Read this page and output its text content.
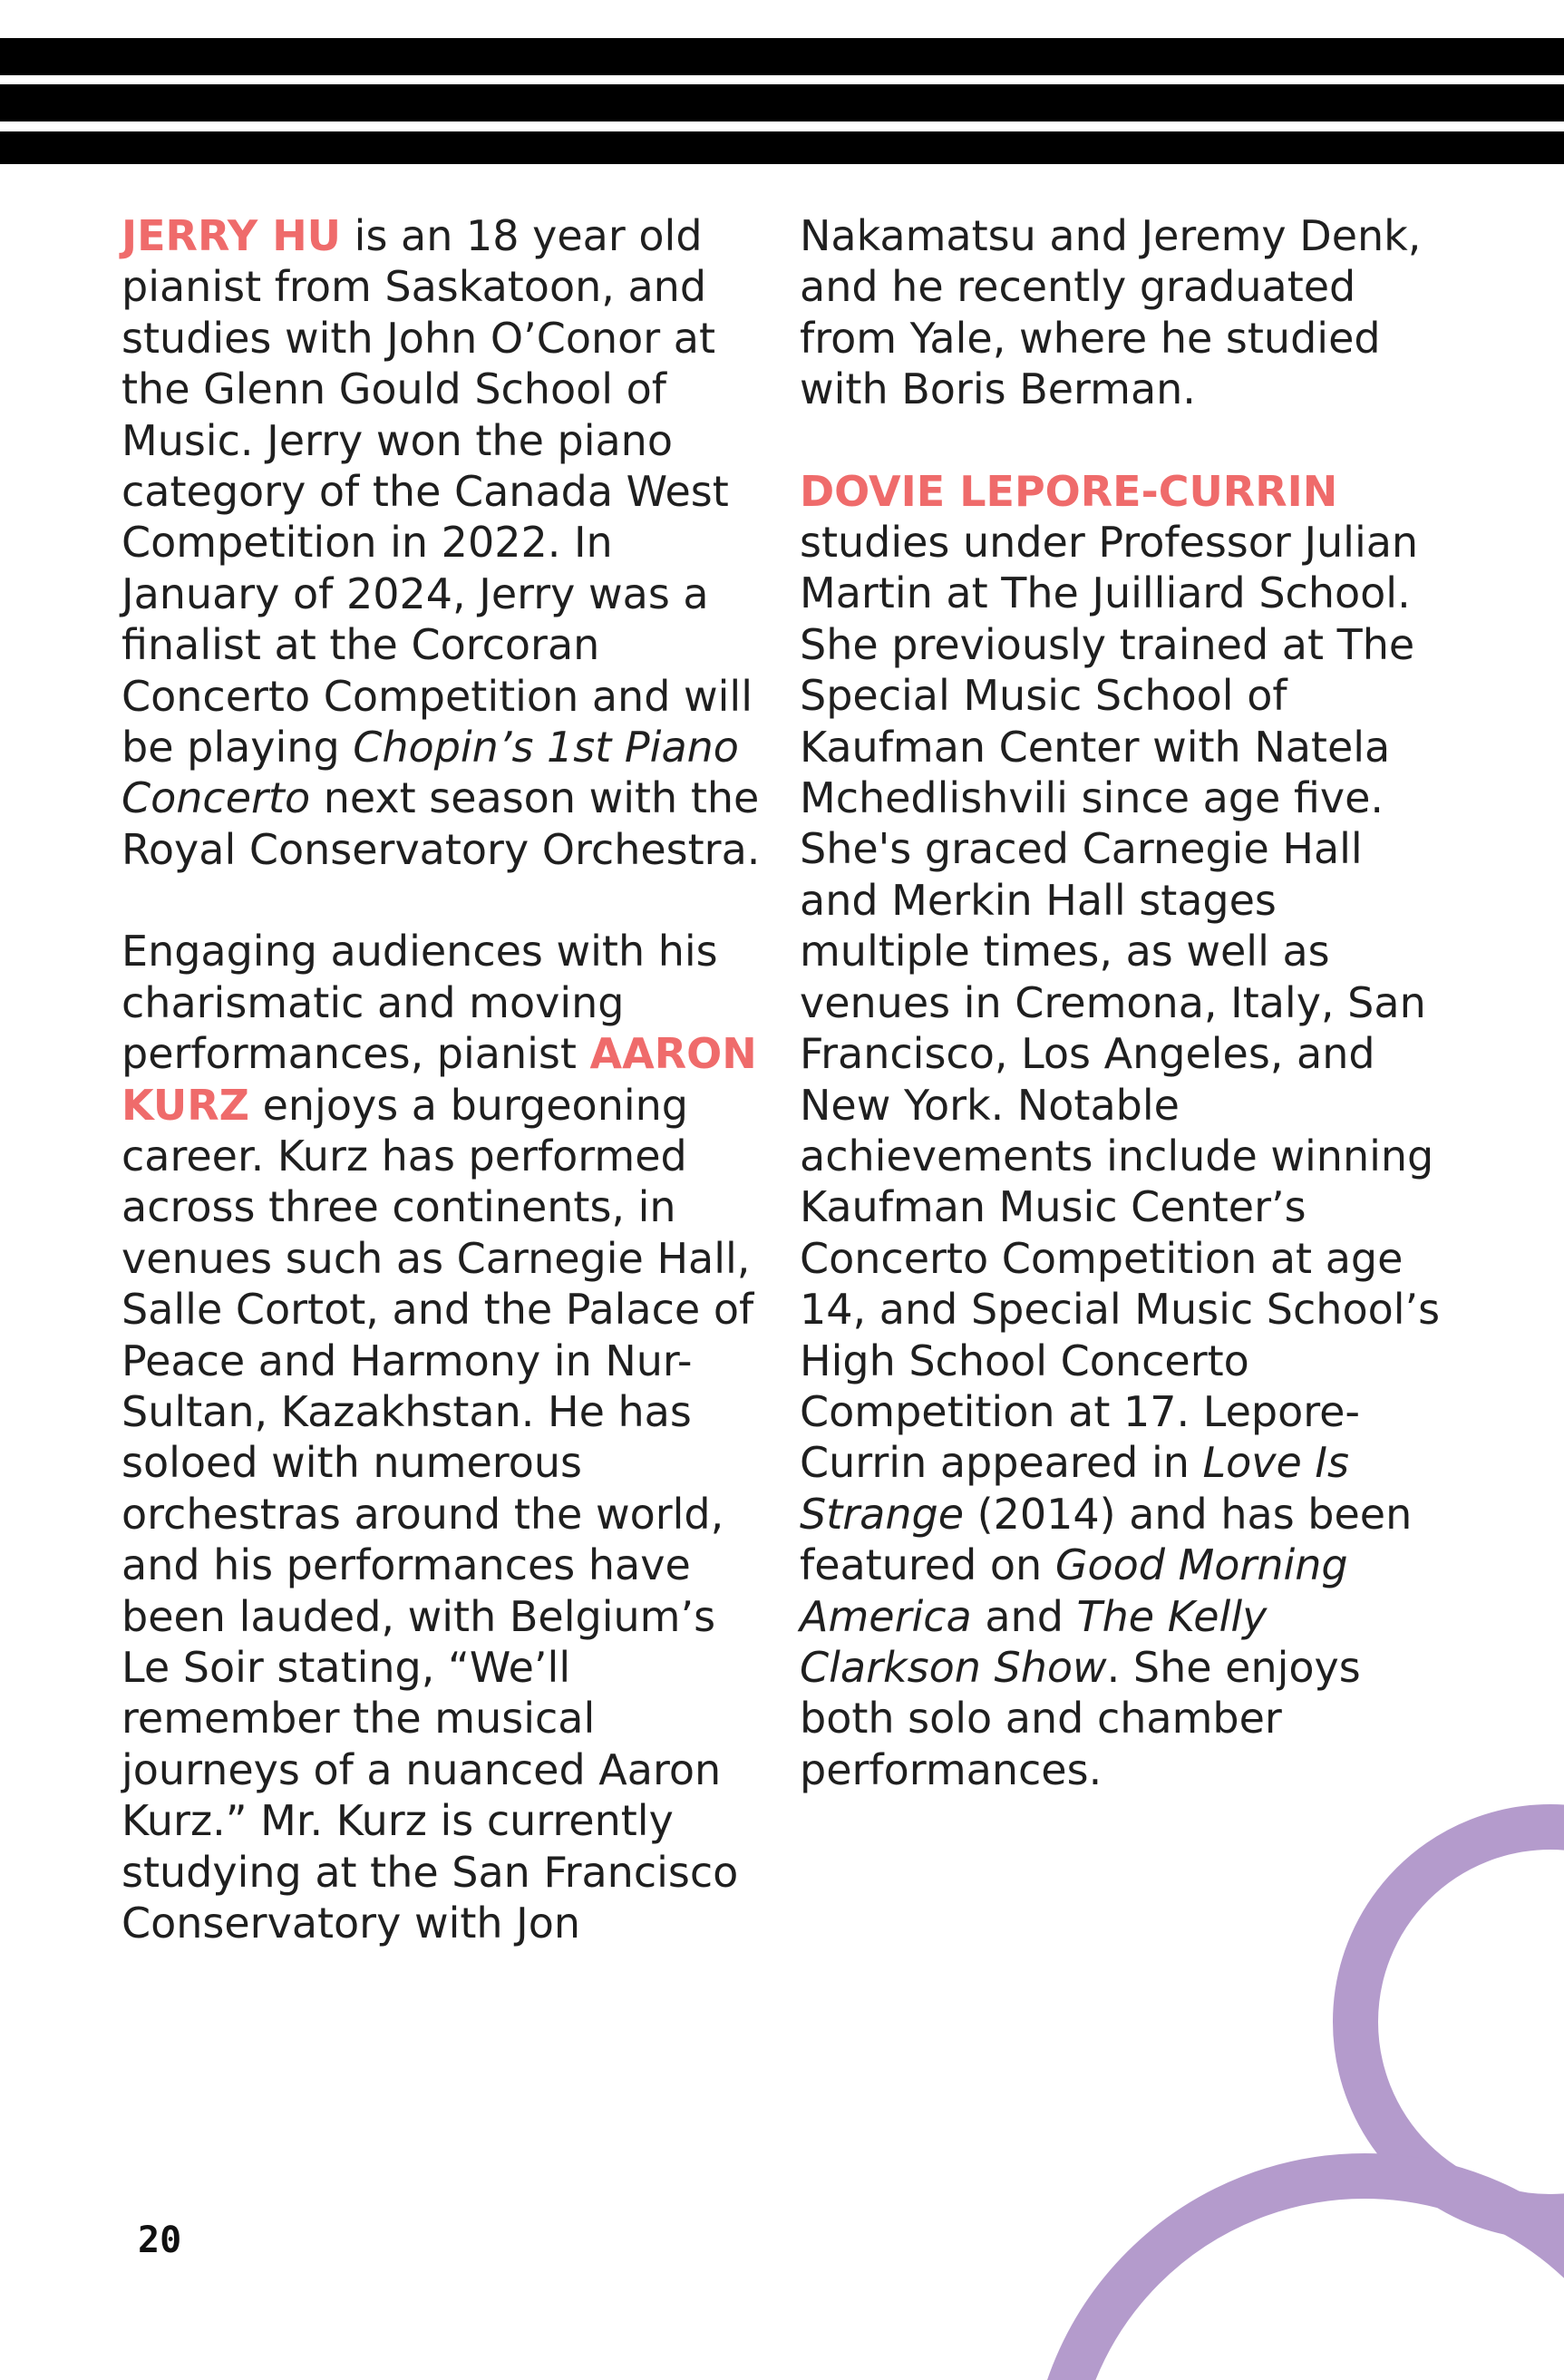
JERRY HU is an 18 year old pianist from Saskatoon, and studies with John O’Conor at the Glenn Gould School of Music. Jerry won the piano category of the Canada West Competition in 2022. In January of 2024, Jerry was a finalist at the Corcoran Concerto Competition and will be playing Chopin’s 1st Piano Concerto next season with the Royal Conservatory Orchestra.

Engaging audiences with his charismatic and moving performances, pianist AARON KURZ enjoys a burgeoning career. Kurz has performed across three continents, in venues such as Carnegie Hall, Salle Cortot, and the Palace of Peace and Harmony in Nur-Sultan, Kazakhstan. He has soloed with numerous orchestras around the world, and his performances have been lauded, with Belgium’s Le Soir stating, “We’ll remember the musical journeys of a nuanced Aaron Kurz.” Mr. Kurz is currently studying at the San Francisco Conservatory with Jon

Nakamatsu and Jeremy Denk, and he recently graduated from Yale, where he studied with Boris Berman.

DOVIE LEPORE-CURRIN studies under Professor Julian Martin at The Juilliard School. She previously trained at The Special Music School of Kaufman Center with Natela Mchedlishvili since age five. She's graced Carnegie Hall and Merkin Hall stages multiple times, as well as venues in Cremona, Italy, San Francisco, Los Angeles, and New York. Notable achievements include winning Kaufman Music Center’s Concerto Competition at age 14, and Special Music School’s High School Concerto Competition at 17. Lepore-Currin appeared in Love Is Strange (2014) and has been featured on Good Morning America and The Kelly Clarkson Show. She enjoys both solo and chamber performances.

20
